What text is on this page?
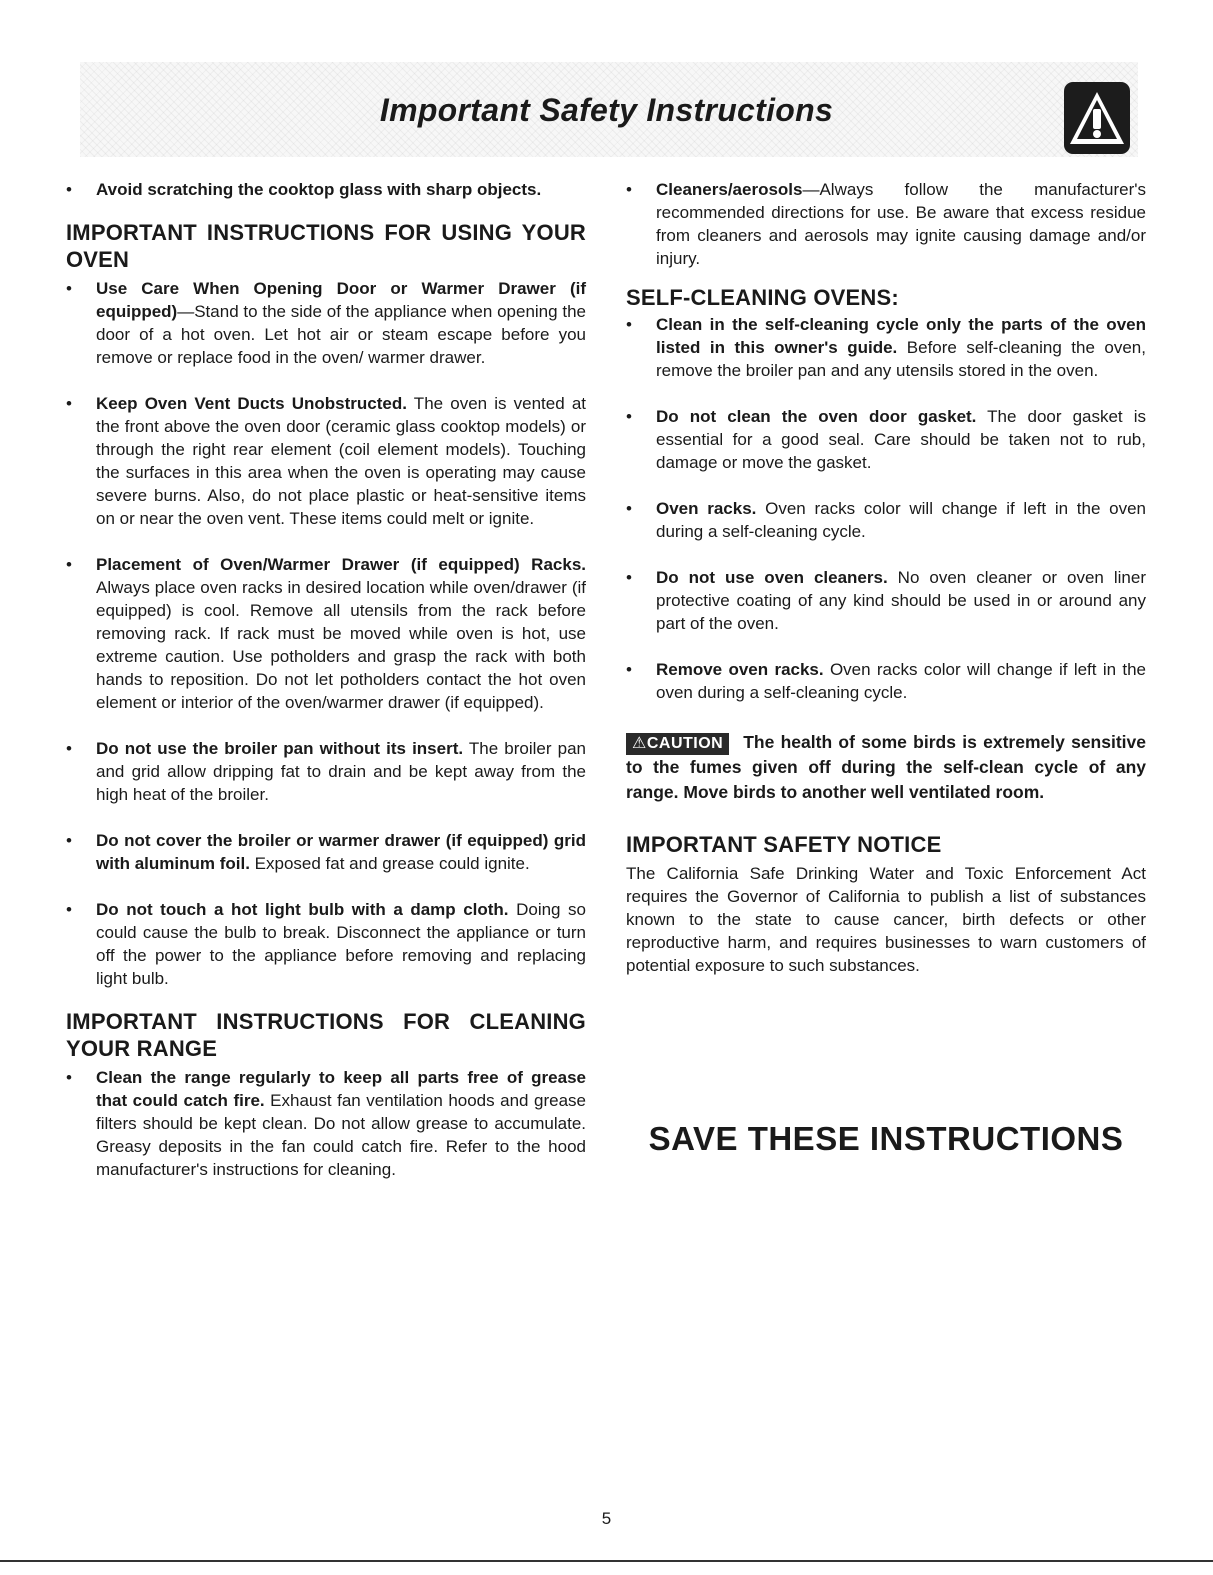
Important Safety Instructions
• Avoid scratching the cooktop glass with sharp objects.
IMPORTANT INSTRUCTIONS FOR USING YOUR OVEN
• Use Care When Opening Door or Warmer Drawer (if equipped)—Stand to the side of the appliance when opening the door of a hot oven. Let hot air or steam escape before you remove or replace food in the oven/ warmer drawer.
• Keep Oven Vent Ducts Unobstructed. The oven is vented at the front above the oven door (ceramic glass cooktop models) or through the right rear element (coil element models). Touching the surfaces in this area when the oven is operating may cause severe burns. Also, do not place plastic or heat-sensitive items on or near the oven vent. These items could melt or ignite.
• Placement of Oven/Warmer Drawer (if equipped) Racks. Always place oven racks in desired location while oven/drawer (if equipped) is cool. Remove all utensils from the rack before removing rack. If rack must be moved while oven is hot, use extreme caution. Use potholders and grasp the rack with both hands to reposition. Do not let potholders contact the hot oven element or interior of the oven/warmer drawer (if equipped).
• Do not use the broiler pan without its insert. The broiler pan and grid allow dripping fat to drain and be kept away from the high heat of the broiler.
• Do not cover the broiler or warmer drawer (if equipped) grid with aluminum foil. Exposed fat and grease could ignite.
• Do not touch a hot light bulb with a damp cloth. Doing so could cause the bulb to break. Disconnect the appliance or turn off the power to the appliance before removing and replacing light bulb.
IMPORTANT INSTRUCTIONS FOR CLEANING YOUR RANGE
• Clean the range regularly to keep all parts free of grease that could catch fire. Exhaust fan ventilation hoods and grease filters should be kept clean. Do not allow grease to accumulate. Greasy deposits in the fan could catch fire. Refer to the hood manufacturer's instructions for cleaning.
• Cleaners/aerosols—Always follow the manufacturer's recommended directions for use. Be aware that excess residue from cleaners and aerosols may ignite causing damage and/or injury.
SELF-CLEANING OVENS:
• Clean in the self-cleaning cycle only the parts of the oven listed in this owner's guide. Before self-cleaning the oven, remove the broiler pan and any utensils stored in the oven.
• Do not clean the oven door gasket. The door gasket is essential for a good seal. Care should be taken not to rub, damage or move the gasket.
• Oven racks. Oven racks color will change if left in the oven during a self-cleaning cycle.
• Do not use oven cleaners. No oven cleaner or oven liner protective coating of any kind should be used in or around any part of the oven.
• Remove oven racks. Oven racks color will change if left in the oven during a self-cleaning cycle.
⚠CAUTION The health of some birds is extremely sensitive to the fumes given off during the self-clean cycle of any range. Move birds to another well ventilated room.
IMPORTANT SAFETY NOTICE

The California Safe Drinking Water and Toxic Enforcement Act requires the Governor of California to publish a list of substances known to the state to cause cancer, birth defects or other reproductive harm, and requires businesses to warn customers of potential exposure to such substances.

SAVE THESE INSTRUCTIONS
5
